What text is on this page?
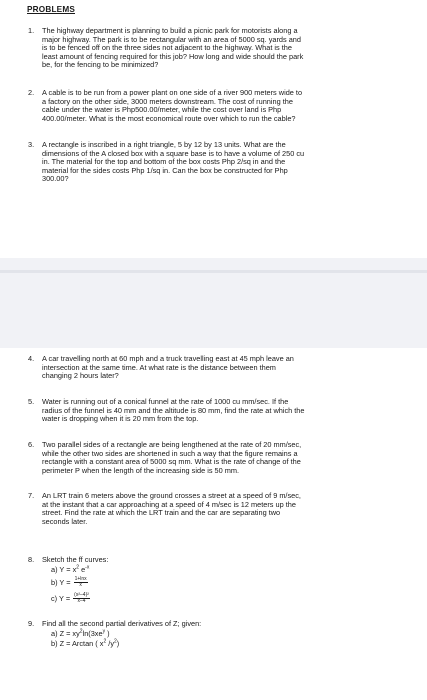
PROBLEMS
1. The highway department is planning to build a picnic park for motorists along a
major highway. The park is to be rectangular with an area of 5000 sq. yards and
is to be fenced off on the three sides not adjacent to the highway. What is the
least amount of fencing required for this job? How long and wide should the park
be, for the fencing to be minimized?
2. A cable is to be run from a power plant on one side of a river 900 meters wide to
a factory on the other side, 3000 meters downstream. The cost of running the
cable under the water is Php500.00/meter, while the cost over land is Php
400.00/meter. What is the most economical route over which to run the cable?
3. A rectangle is inscribed in a right triangle, 5 by 12 by 13 units. What are the
dimensions of the A closed box with a square base is to have a volume of 250 cu
in. The material for the top and bottom of the box costs Php 2/sq in and the
material for the sides costs Php 1/sq in. Can the box be constructed for Php
300.00?
4. A car travelling north at 60 mph and a truck travelling east at 45 mph leave an
intersection at the same time. At what rate is the distance between them
changing 2 hours later?
5. Water is running out of a conical funnel at the rate of 1000 cu mm/sec. If the
radius of the funnel is 40 mm and the altitude is 80 mm, find the rate at which the
water is dropping when it is 20 mm from the top.
6. Two parallel sides of a rectangle are being lengthened at the rate of 20 mm/sec,
while the other two sides are shortened in such a way that the figure remains a
rectangle with a constant area of 5000 sq mm. What is the rate of change of the
perimeter P when the length of the increasing side is 50 mm.
7. An LRT train 6 meters above the ground crosses a street at a speed of 9 m/sec,
at the instant that a car approaching at a speed of 4 m/sec is 12 meters up the
street. Find the rate at which the LRT train and the car are separating two
seconds later.
8. Sketch the ff curves:
a) $Y = x^2$ $e^{-x}$
b) $Y = \frac{1+\ln x}{x}$
c) $Y = \frac{\text{(x²–4)²}}{x-4}$
9. Find all the second partial derivatives of Z; given:
a) $Z = xy^2\ln(3xe^y$ )
b) Z = Arctan ( $x^2$ $/y^2$)
